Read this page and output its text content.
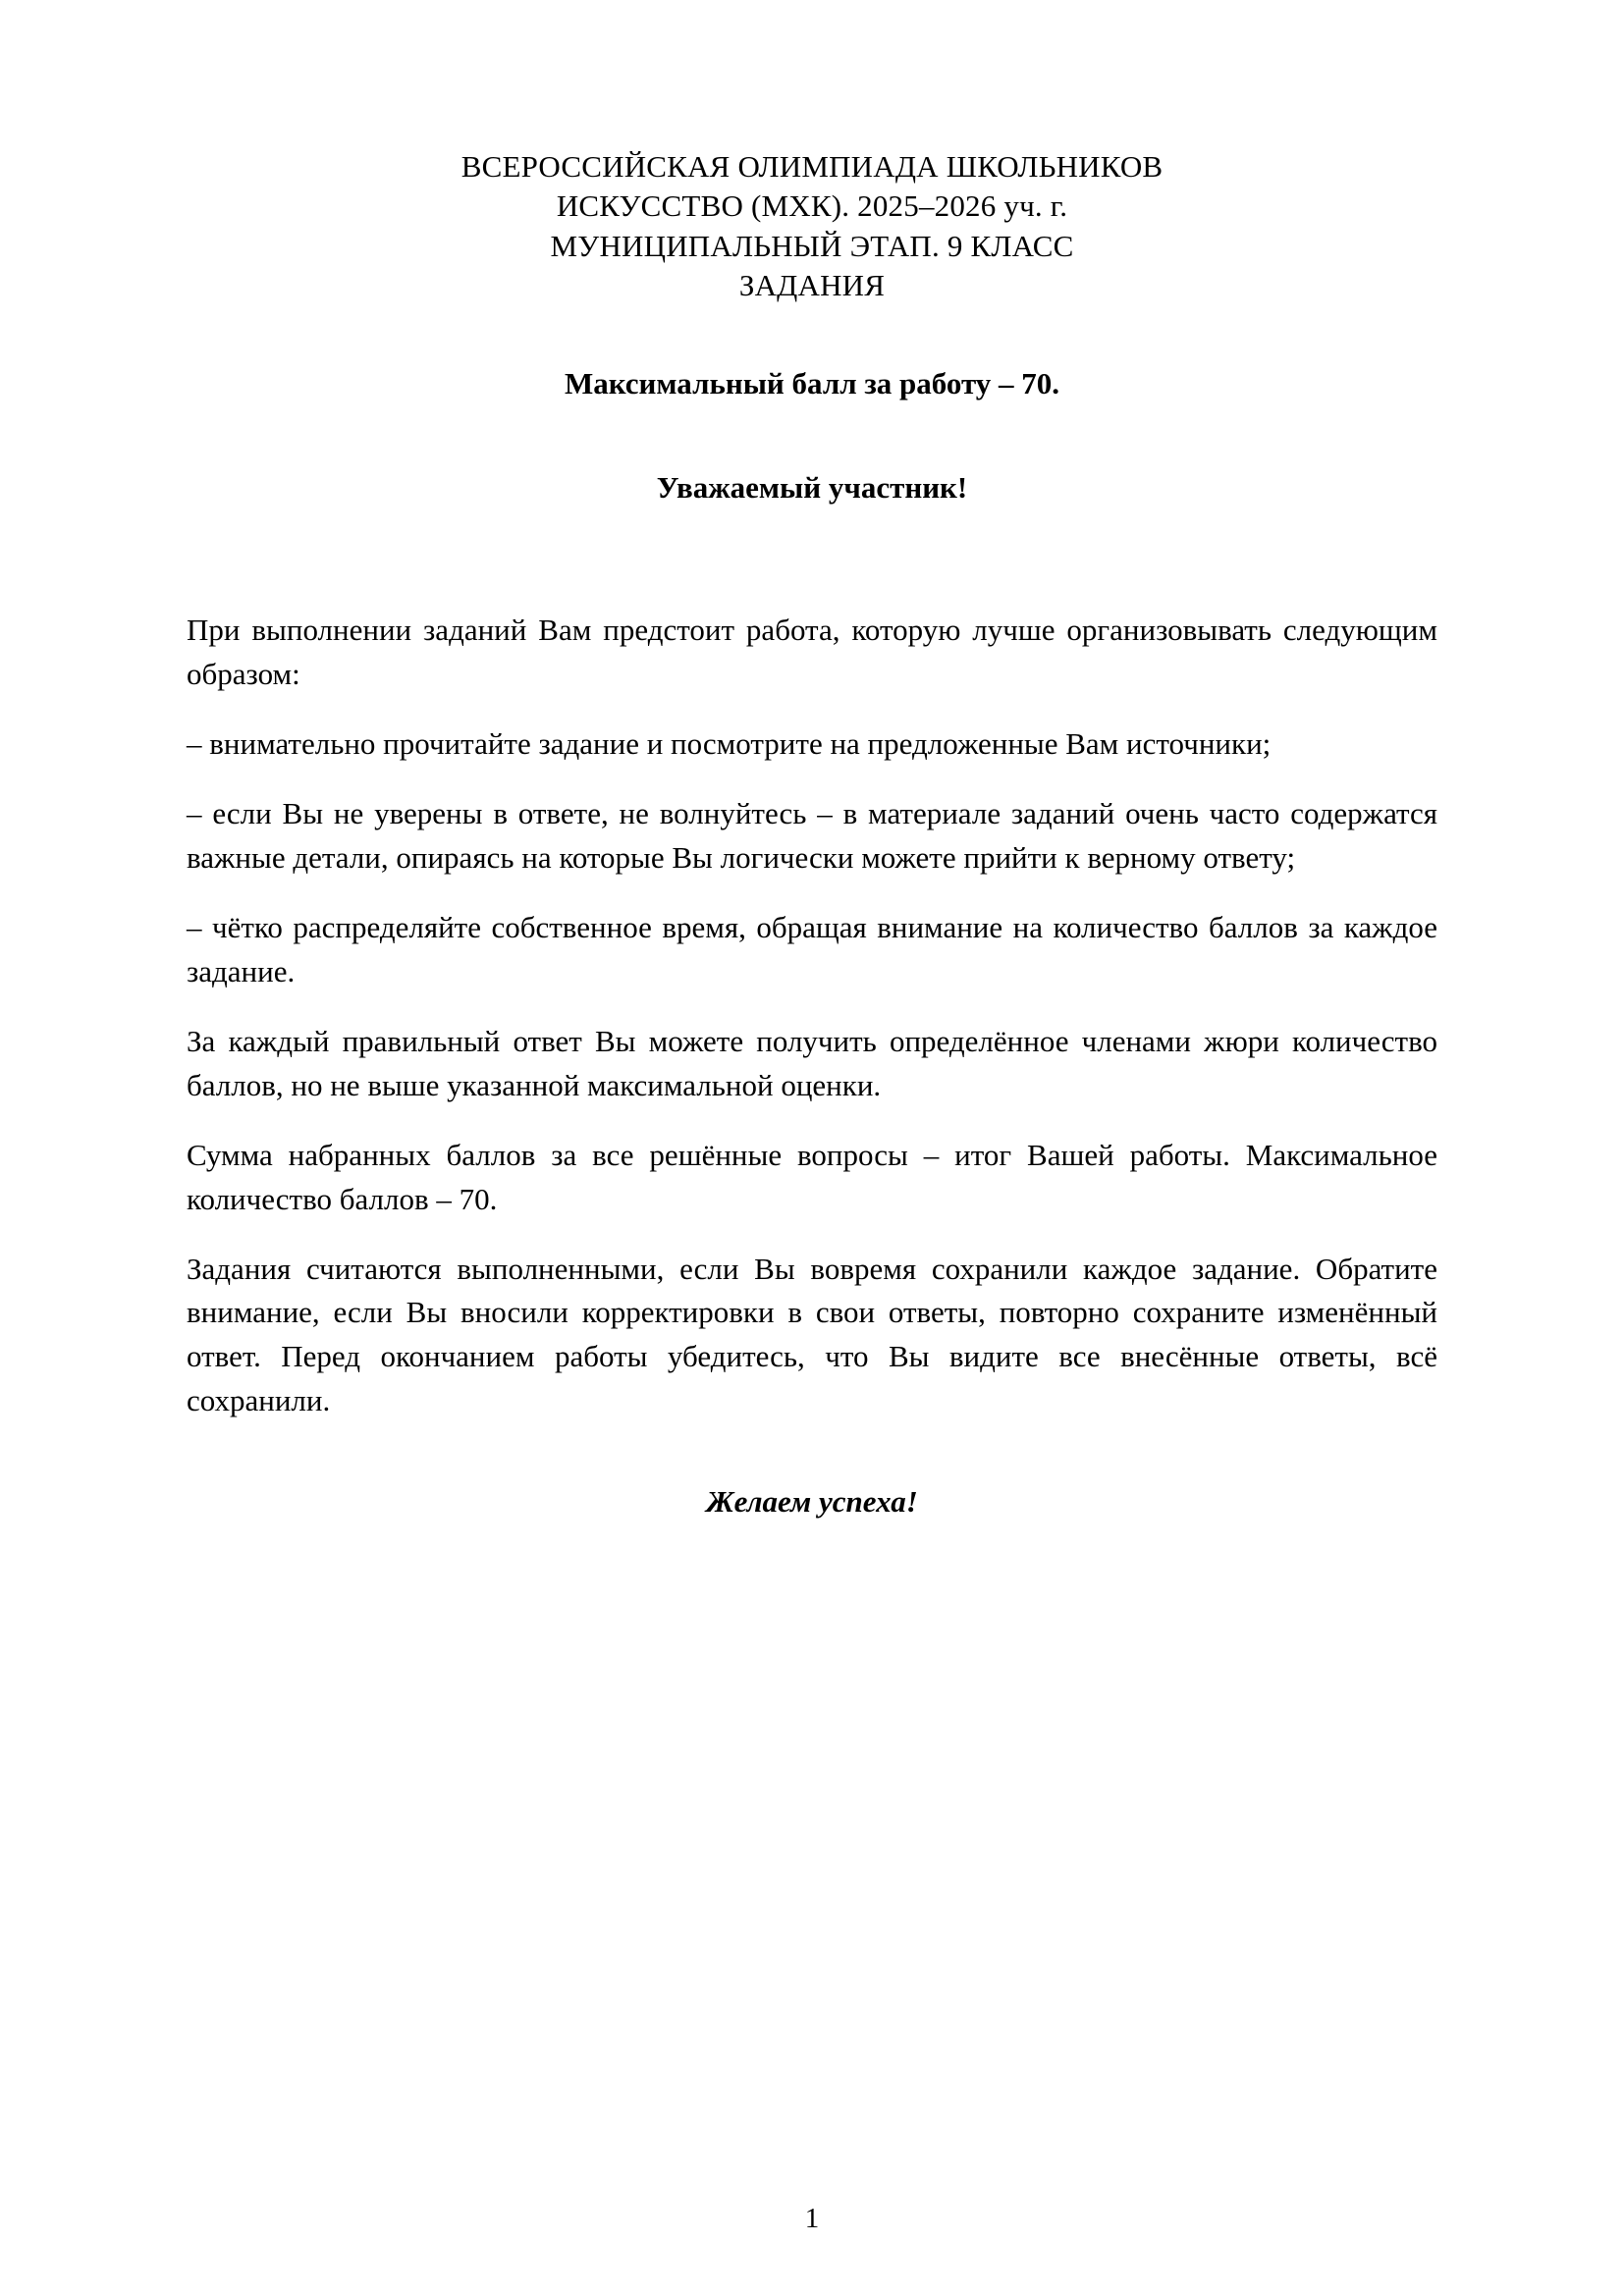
ВСЕРОССИЙСКАЯ ОЛИМПИАДА ШКОЛЬНИКОВ
ИСКУССТВО (МХК). 2025–2026 уч. г.
МУНИЦИПАЛЬНЫЙ ЭТАП. 9 КЛАСС
ЗАДАНИЯ
Максимальный балл за работу – 70.
Уважаемый участник!

При выполнении заданий Вам предстоит работа, которую лучше организовывать следующим образом:

– внимательно прочитайте задание и посмотрите на предложенные Вам источники;

– если Вы не уверены в ответе, не волнуйтесь – в материале заданий очень часто содержатся важные детали, опираясь на которые Вы логически можете прийти к верному ответу;

– чётко распределяйте собственное время, обращая внимание на количество баллов за каждое задание.

За каждый правильный ответ Вы можете получить определённое членами жюри количество баллов, но не выше указанной максимальной оценки.

Сумма набранных баллов за все решённые вопросы – итог Вашей работы. Максимальное количество баллов – 70.

Задания считаются выполненными, если Вы вовремя сохранили каждое задание. Обратите внимание, если Вы вносили корректировки в свои ответы, повторно сохраните изменённый ответ. Перед окончанием работы убедитесь, что Вы видите все внесённые ответы, всё сохранили.

Желаем успеха!
1
